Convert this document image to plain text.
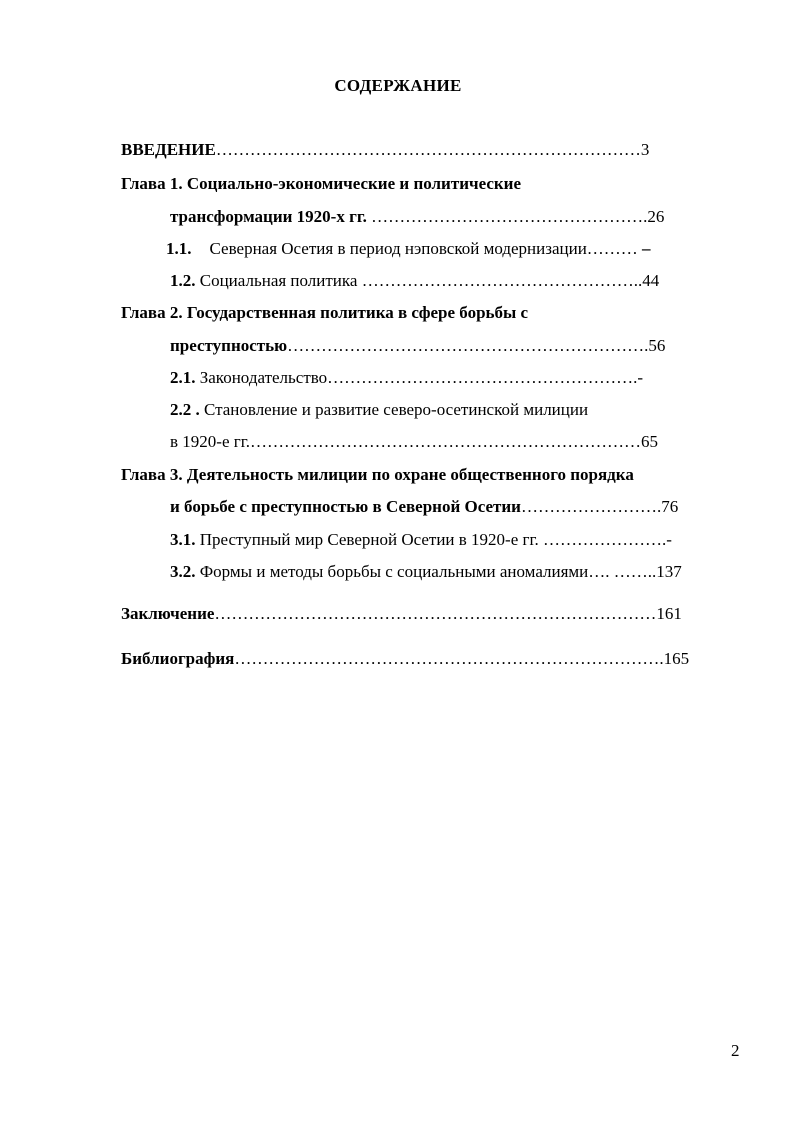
СОДЕРЖАНИЕ
ВВЕДЕНИЕ…………………………………………………………………3
Глава 1. Социально-экономические и политические
трансформации 1920-х гг. ………………………………………….26
1.1. Северная Осетия в период нэповской модернизации……… –
1.2. Социальная политика …………………………………………..44
Глава 2. Государственная политика в сфере борьбы с
преступностью……………………………………………………….56
2.1. Законодательство……………………………………………….-
2.2 . Становление и развитие северо-осетинской милиции
в 1920-е гг.……………………………………………………………65
Глава 3. Деятельность милиции по охране общественного порядка
и борьбе с преступностью в Северной Осетии…………………….76
3.1. Преступный мир Северной Осетии в 1920-е гг. ………………….-
3.2. Формы и методы борьбы с социальными аномалиями…. ……..137
Заключение……………………………………………………………………161
Библиография………………………………………………………………….165
2
